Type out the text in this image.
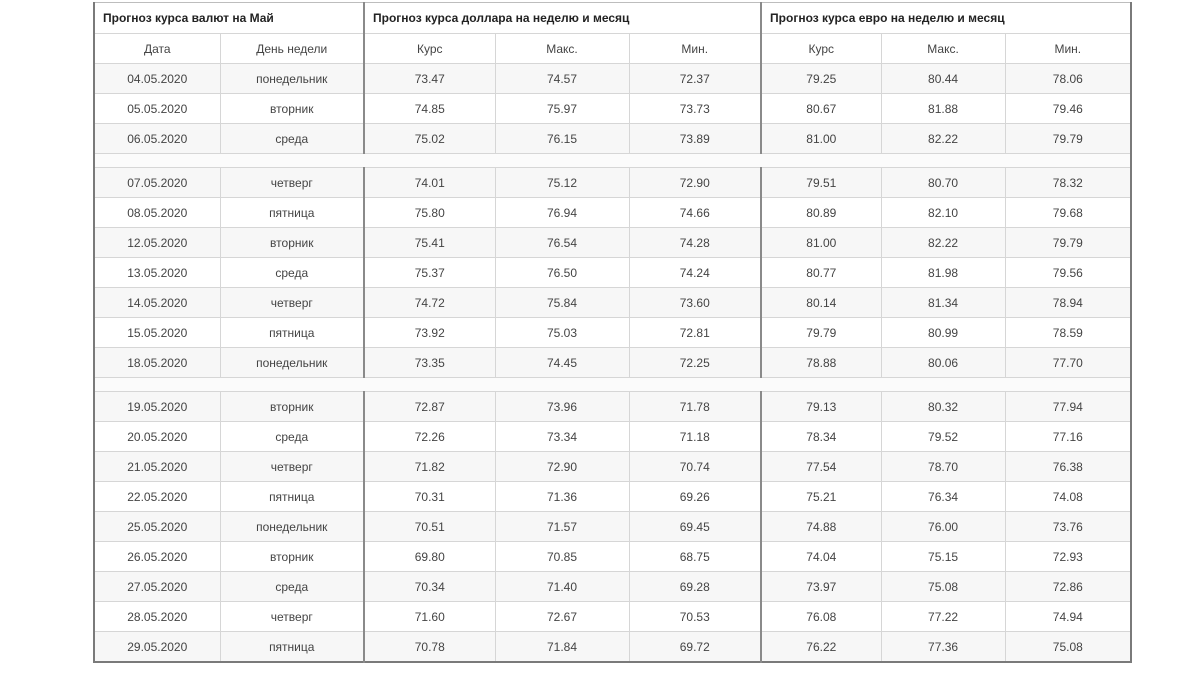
Прогноз курса валют на Май		Прогноз курса доллара на неделю и месяц			Прогноз курса евро на неделю и месяц		
Дата	День недели	Курс	Макс.	Мин.	Курс	Макс.	Мин.
04.05.2020	понедельник	73.47	74.57	72.37	79.25	80.44	78.06
05.05.2020	вторник	74.85	75.97	73.73	80.67	81.88	79.46
06.05.2020	среда	75.02	76.15	73.89	81.00	82.22	79.79

07.05.2020	четверг	74.01	75.12	72.90	79.51	80.70	78.32
08.05.2020	пятница	75.80	76.94	74.66	80.89	82.10	79.68
12.05.2020	вторник	75.41	76.54	74.28	81.00	82.22	79.79
13.05.2020	среда	75.37	76.50	74.24	80.77	81.98	79.56
14.05.2020	четверг	74.72	75.84	73.60	80.14	81.34	78.94
15.05.2020	пятница	73.92	75.03	72.81	79.79	80.99	78.59
18.05.2020	понедельник	73.35	74.45	72.25	78.88	80.06	77.70

19.05.2020	вторник	72.87	73.96	71.78	79.13	80.32	77.94
20.05.2020	среда	72.26	73.34	71.18	78.34	79.52	77.16
21.05.2020	четверг	71.82	72.90	70.74	77.54	78.70	76.38
22.05.2020	пятница	70.31	71.36	69.26	75.21	76.34	74.08
25.05.2020	понедельник	70.51	71.57	69.45	74.88	76.00	73.76
26.05.2020	вторник	69.80	70.85	68.75	74.04	75.15	72.93
27.05.2020	среда	70.34	71.40	69.28	73.97	75.08	72.86
28.05.2020	четверг	71.60	72.67	70.53	76.08	77.22	74.94
29.05.2020	пятница	70.78	71.84	69.72	76.22	77.36	75.08
